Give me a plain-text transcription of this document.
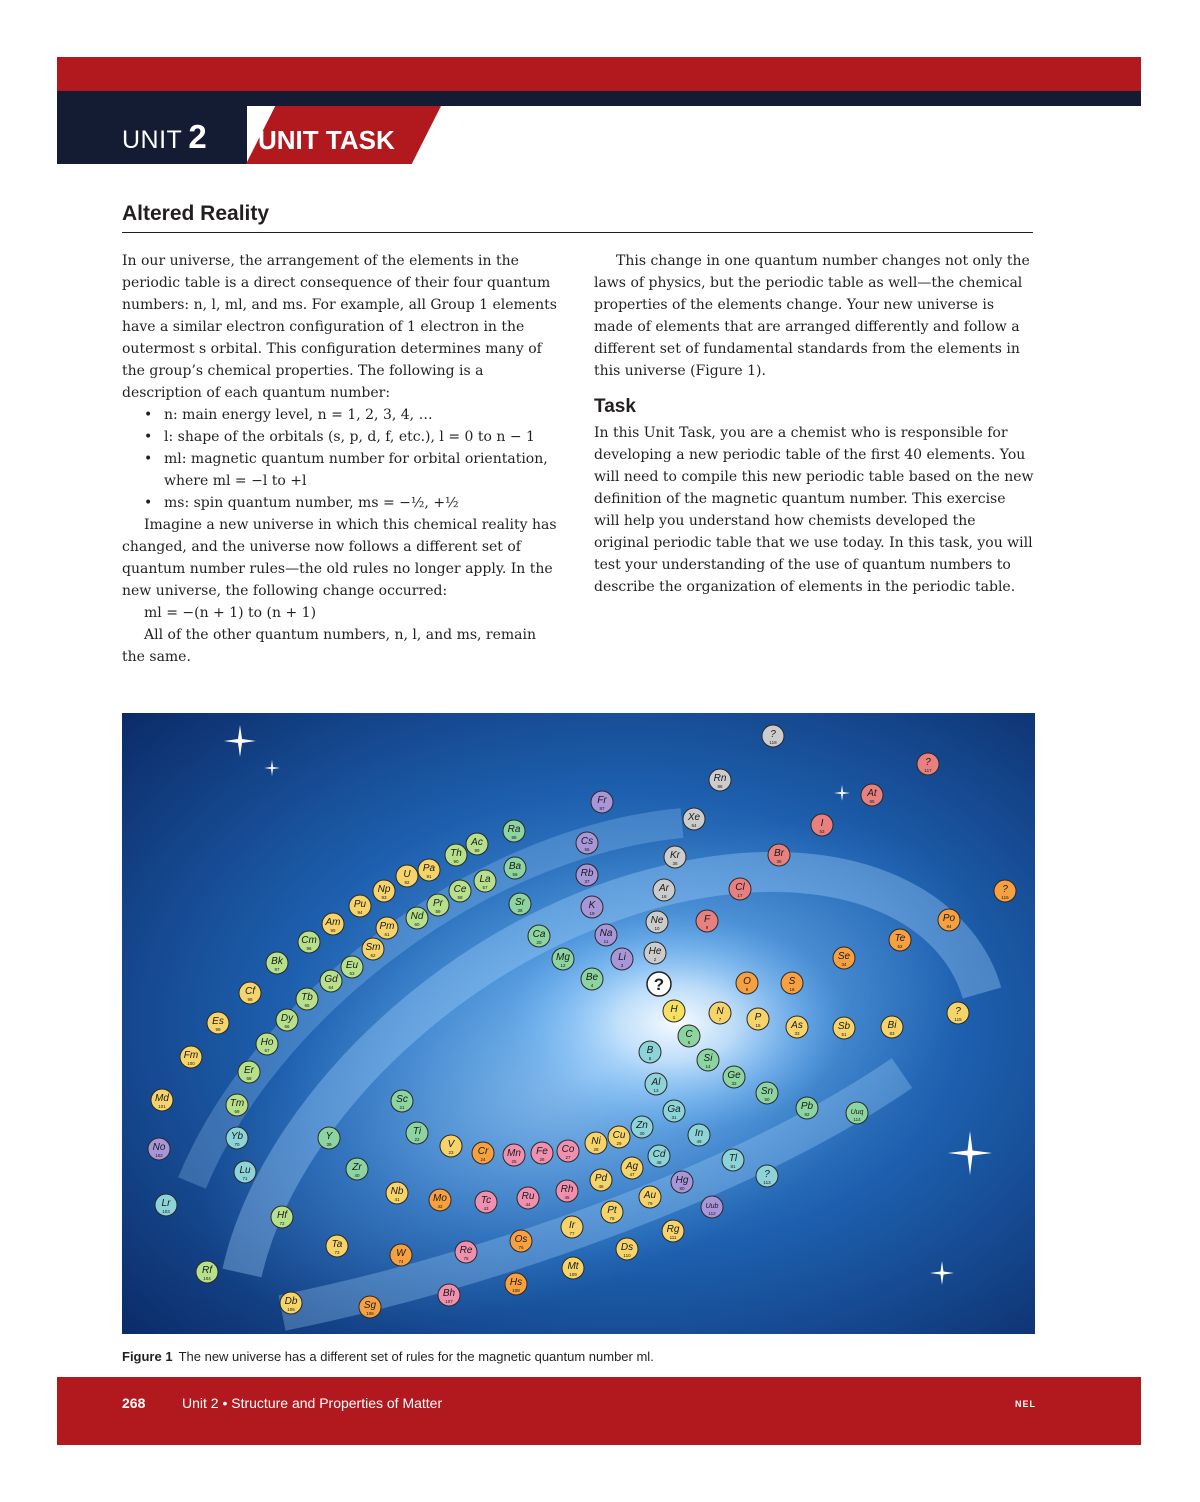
UNIT 2 UNIT TASK
Altered Reality

In our universe, the arrangement of the elements in the periodic table is a direct consequence of their four quantum numbers: n, l, ml, and ms. For example, all Group 1 elements have a similar electron configuration of 1 electron in the outermost s orbital. This configuration determines many of the group’s chemical properties. The following is a description of each quantum number:

• n: main energy level, n = 1, 2, 3, 4, …

• l: shape of the orbitals (s, p, d, f, etc.), l = 0 to n − 1

• ml: magnetic quantum number for orbital orientation, where ml = −l to +l

• ms: spin quantum number, ms = −½, +½

Imagine a new universe in which this chemical reality has changed, and the universe now follows a different set of quantum number rules—the old rules no longer apply. In the new universe, the following change occurred:

ml = −(n + 1) to (n + 1)

All of the other quantum numbers, n, l, and ms, remain the same.

This change in one quantum number changes not only the laws of physics, but the periodic table as well—the chemical properties of the elements change. Your new universe is made of elements that are arranged differently and follow a different set of fundamental standards from the elements in this universe (Figure 1).

Task

In this Unit Task, you are a chemist who is responsible for developing a new periodic table of the first 40 elements. You will need to compile this new periodic table based on the new definition of the magnetic quantum number. This exercise will help you understand how chemists developed the original periodic table that we use today. In this task, you will test your understanding of the use of quantum numbers to describe the organization of elements in the periodic table.

?
118
?
117
Rn
86
At
85
Fr
87
Xe
54	I
53
Ra
88	Cs
55
Ac
89	Kr
36
Br
35
Th
90	Ba
56
Pa
91	Rb
37
La
57
U
92
Ce
58
Ar
18
Cl
17
Np
93
?
116
Sr
38	K
19
Pr
59
Pu
94	Nd
60	Ne
10
F
9
Po
84
Am
95	Pm
61	Na
11
Ca
20	Te
52
Cm
96	Sm
62	He
2	Se
34
Mg
12
Li
3
Bk
97	Eu
63	Be
4	O
8
S
16
Gd
64
Cf
98	Tb
65
?
115
H
1
N
7	P
15	As
33
Sb
51
Bi
83
Es
99
Dy
66
C
6
Fm
100
Ho
67	B
5	Si
14
Er
68	Ge
32
Al
13	Sn
50
Md
101
Sc
21
Tm
69	Pb
82	Uuq
114
Ga
31
Ti
22
Zn
30
Y
39
Yb
70
In
49
Cu
29
No
102
Ni
28
V
23 Cr
24
Mn
25
Fe
26
Co
27	Cd
48	Tl
81
Lu
71
Zr
40
Ag
47
Hg
80
?
113
Pd
46
Rh
45
Nb
41	Au
79
Ru
44
Mo
42
Tc
43
Lr
103
Uub
112
Hf
72
Pt
78
Rg
111
Ir
77
Os
76
Ta
73	Ds
110
Re
75
W
74	Mt
109
Rf
104	Hs
108
Bh
107
Db
105	Sg
106
?
Figure 1 The new universe has a different set of rules for the magnetic quantum number ml.
268	Unit 2 • Structure and Properties of Matter	NEL
